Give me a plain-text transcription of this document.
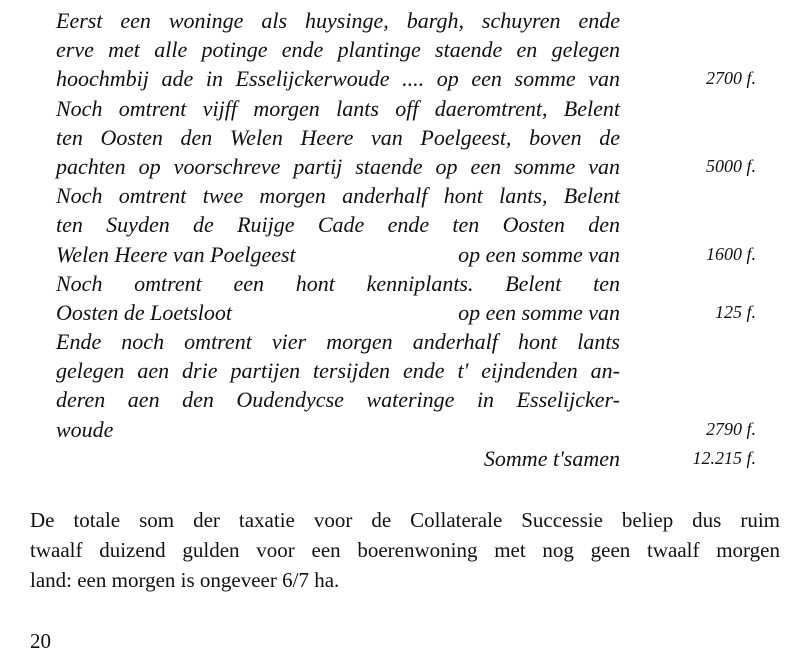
Eerst een woninge als huysinge, bargh, schuyren ende
erve met alle potinge ende plantinge staende en gelegen
hoochmbij ade in Esselijckerwoude .... op een somme van	2700 f.
Noch omtrent vijff morgen lants off daeromtrent, Belent
ten Oosten den Welen Heere van Poelgeest, boven de
pachten op voorschreve partij staende op een somme van	5000 f.
Noch omtrent twee morgen anderhalf hont lants, Belent
ten Suyden de Ruijge Cade ende ten Oosten den
Welen Heere van Poelgeest	op een somme van	1600 f.
Noch omtrent een hont kenniplants. Belent ten
Oosten de Loetsloot	op een somme van	125 f.
Ende noch omtrent vier morgen anderhalf hont lants
gelegen aen drie partijen tersijden ende t' eijndenden an-
deren aen den Oudendycse wateringe in Esselijcker-
woude	2790 f.
Somme t'samen	12.215 f.
De totale som der taxatie voor de Collaterale Successie beliep dus ruim
twaalf duizend gulden voor een boerenwoning met nog geen twaalf morgen
land: een morgen is ongeveer 6/7 ha.
20
